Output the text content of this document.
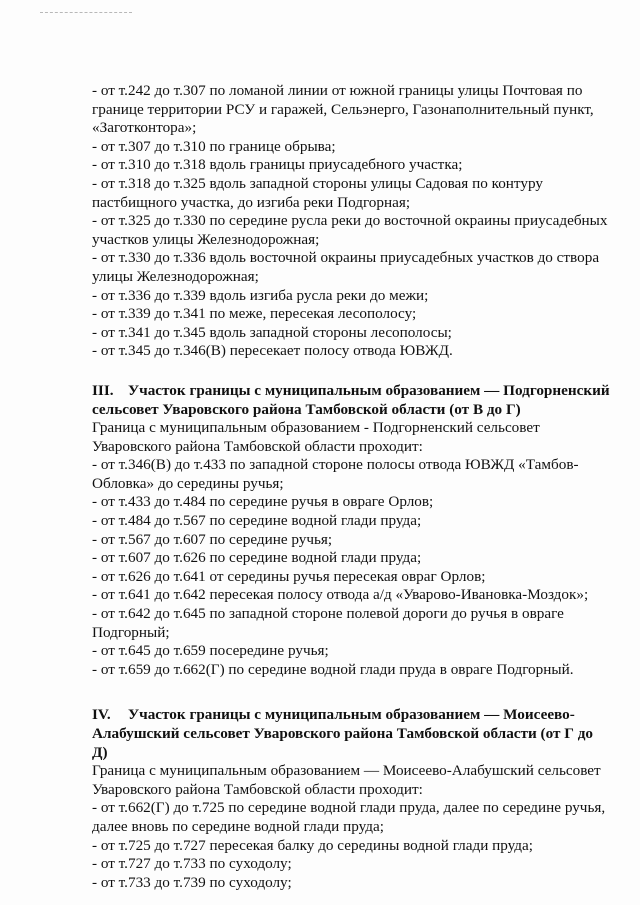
- от т.242 до т.307 по ломаной линии от южной границы улицы Почтовая по
границе территории РСУ и гаражей, Сельэнерго, Газонаполнительный пункт,
«Заготконтора»;
- от т.307 до т.310 по границе обрыва;
- от т.310 до т.318 вдоль границы приусадебного участка;
- от т.318 до т.325 вдоль западной стороны улицы Садовая по контуру
пастбищного участка, до изгиба реки Подгорная;
- от т.325 до т.330 по середине русла реки до восточной окраины приусадебных
участков улицы Железнодорожная;
- от т.330 до т.336 вдоль восточной окраины приусадебных участков до створа
улицы Железнодорожная;
- от т.336 до т.339 вдоль изгиба русла реки до межи;
- от т.339 до т.341 по меже, пересекая лесополосу;
- от т.341 до т.345 вдоль западной стороны лесополосы;
- от т.345 до т.346(В) пересекает полосу отвода ЮВЖД.
III. Участок границы с муниципальным образованием — Подгорненский
сельсовет Уваровского района Тамбовской области (от В до Г)
Граница с муниципальным образованием - Подгорненский сельсовет
Уваровского района Тамбовской области проходит:
- от т.346(В) до т.433 по западной стороне полосы отвода ЮВЖД «Тамбов-
Обловка» до середины ручья;
- от т.433 до т.484 по середине ручья в овраге Орлов;
- от т.484 до т.567 по середине водной глади пруда;
- от т.567 до т.607 по середине ручья;
- от т.607 до т.626 по середине водной глади пруда;
- от т.626 до т.641 от середины ручья пересекая овраг Орлов;
- от т.641 до т.642 пересекая полосу отвода а/д «Уварово-Ивановка-Моздок»;
- от т.642 до т.645 по западной стороне полевой дороги до ручья в овраге
Подгорный;
- от т.645 до т.659 посередине ручья;
- от т.659 до т.662(Г) по середине водной глади пруда в овраге Подгорный.
IV. Участок границы с муниципальным образованием — Моисеево-
Алабушский сельсовет Уваровского района Тамбовской области (от Г до
Д)
Граница с муниципальным образованием — Моисеево-Алабушский сельсовет
Уваровского района Тамбовской области проходит:
- от т.662(Г) до т.725 по середине водной глади пруда, далее по середине ручья,
далее вновь по середине водной глади пруда;
- от т.725 до т.727 пересекая балку до середины водной глади пруда;
- от т.727 до т.733 по суходолу;
- от т.733 до т.739 по суходолу;
